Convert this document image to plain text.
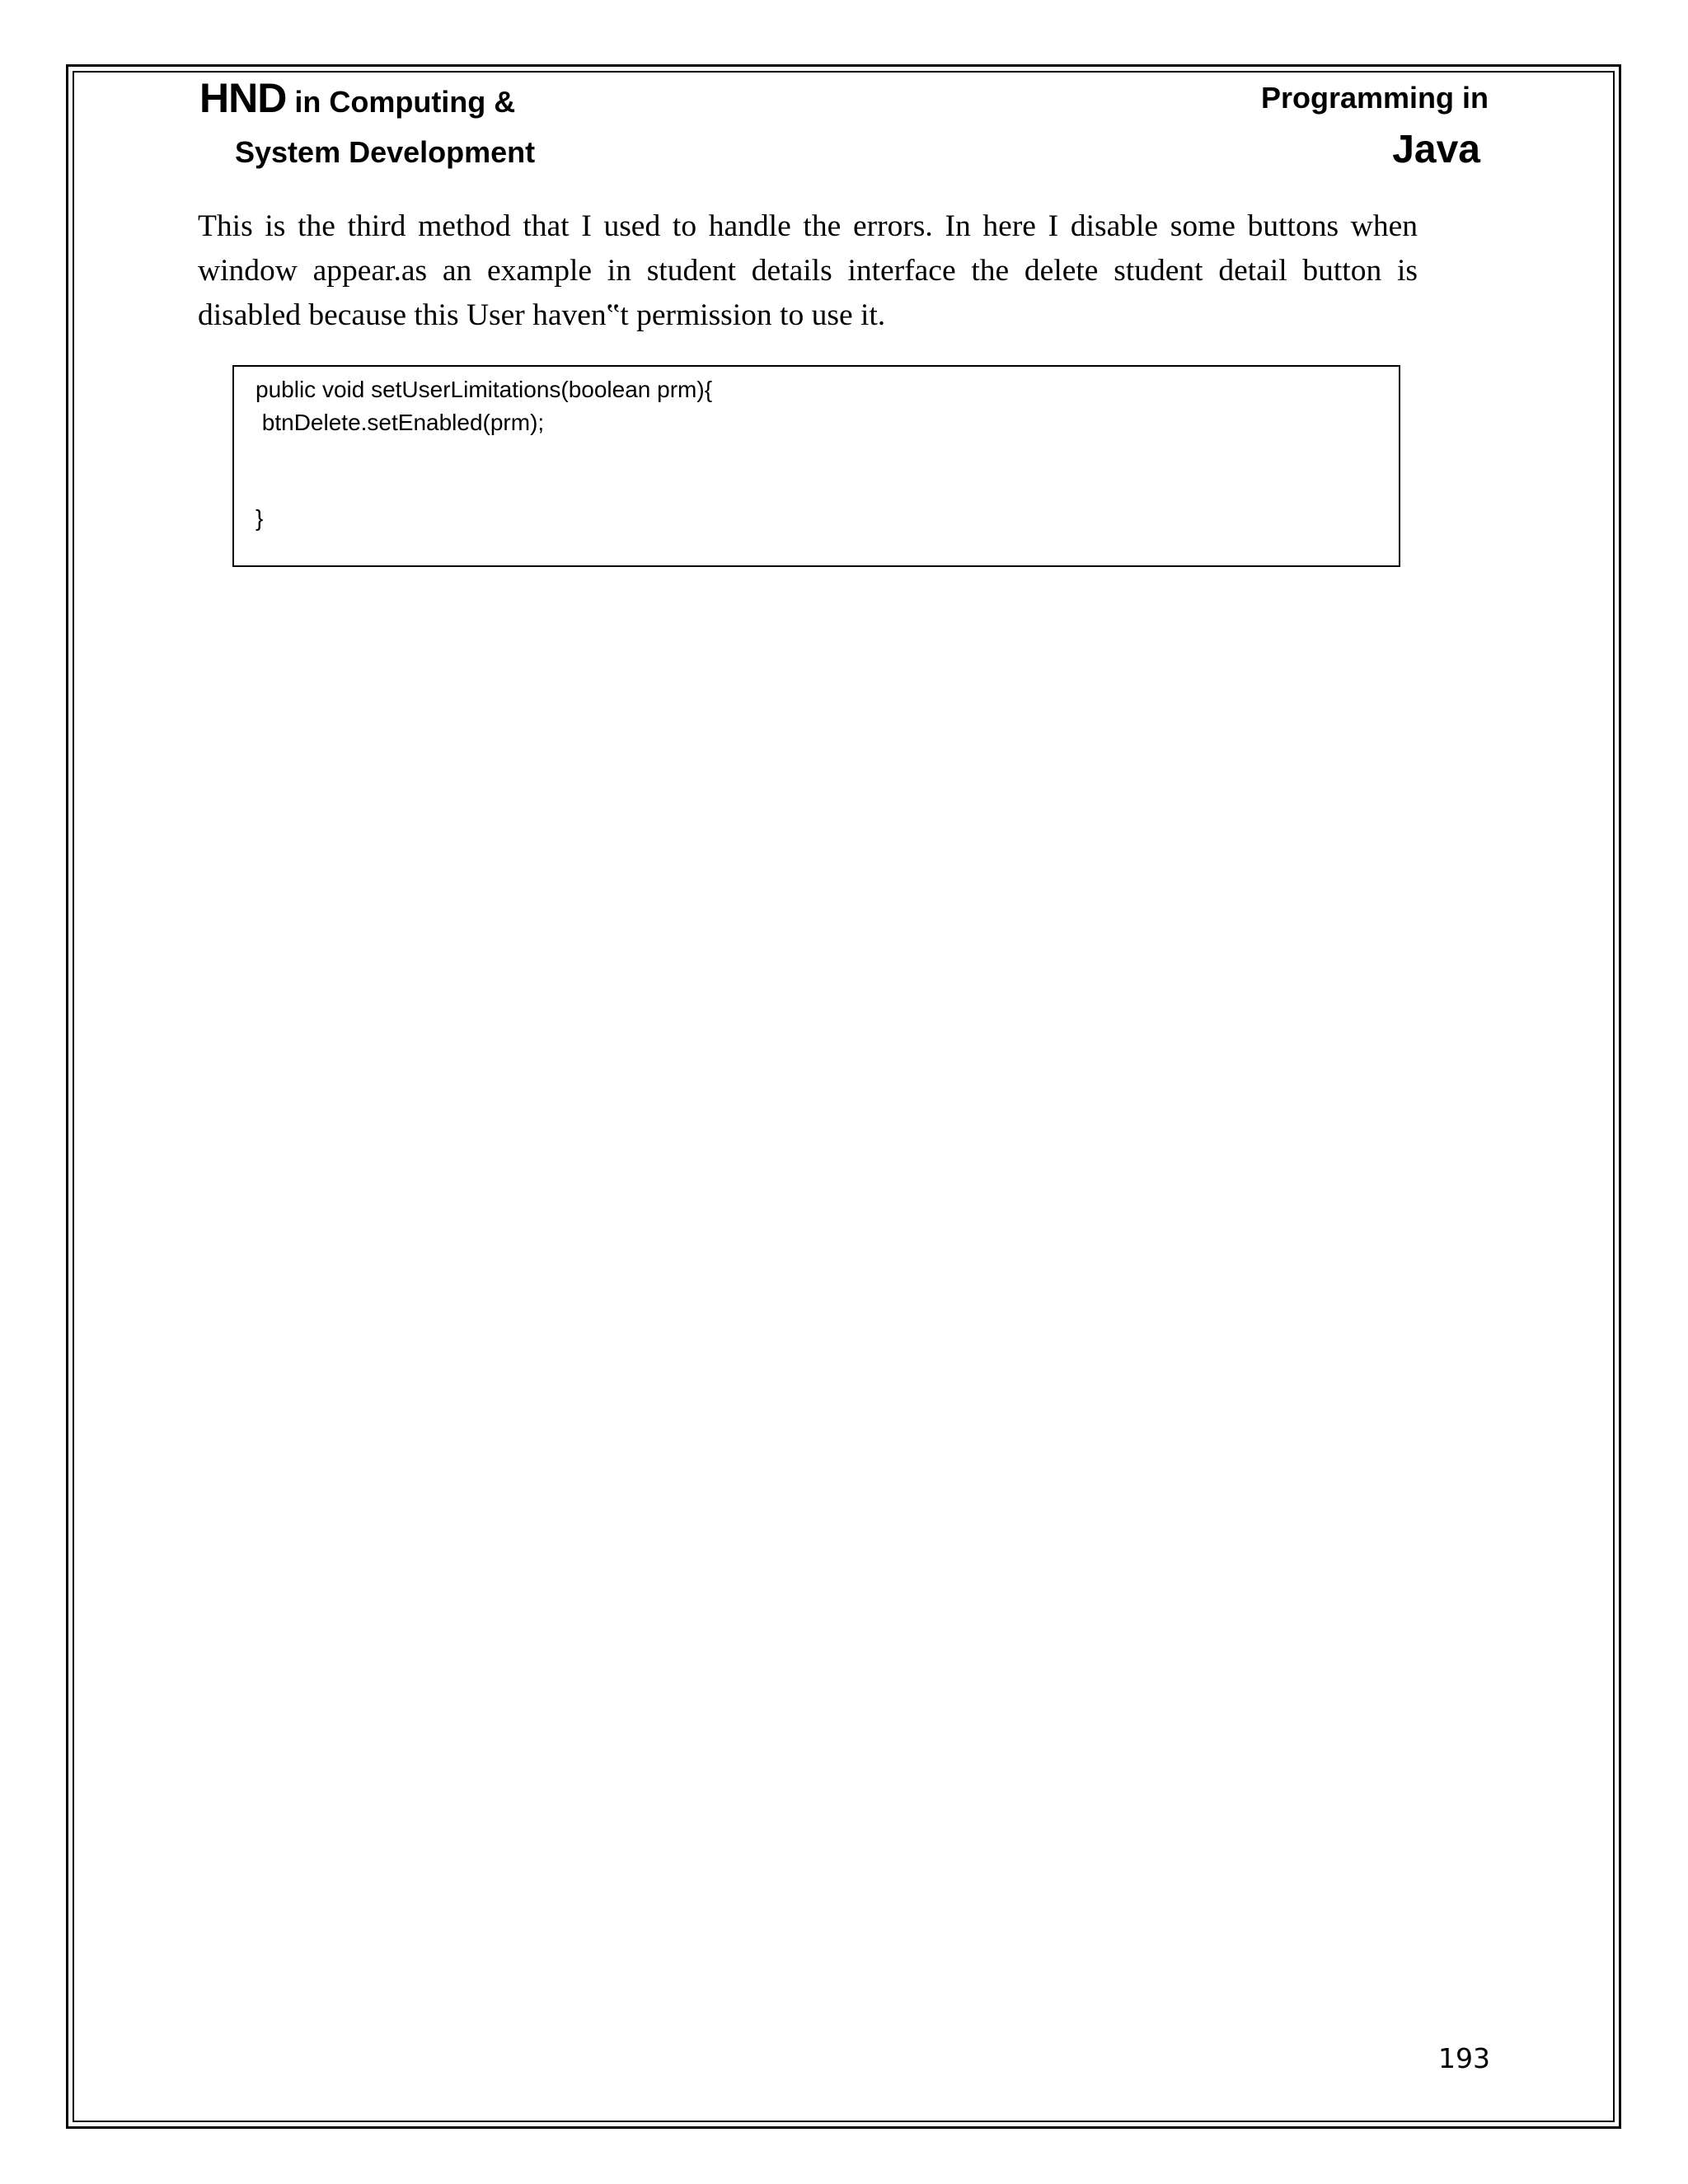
HND in Computing &
System Development
Programming in
Java

This is the third method that I used to handle the errors. In here I disable some buttons when window appear.as an example in student details interface the delete student detail button is disabled because this User haven‟t permission to use it.

public void setUserLimitations(boolean prm){

btnDelete.setEnabled(prm);

}

193
